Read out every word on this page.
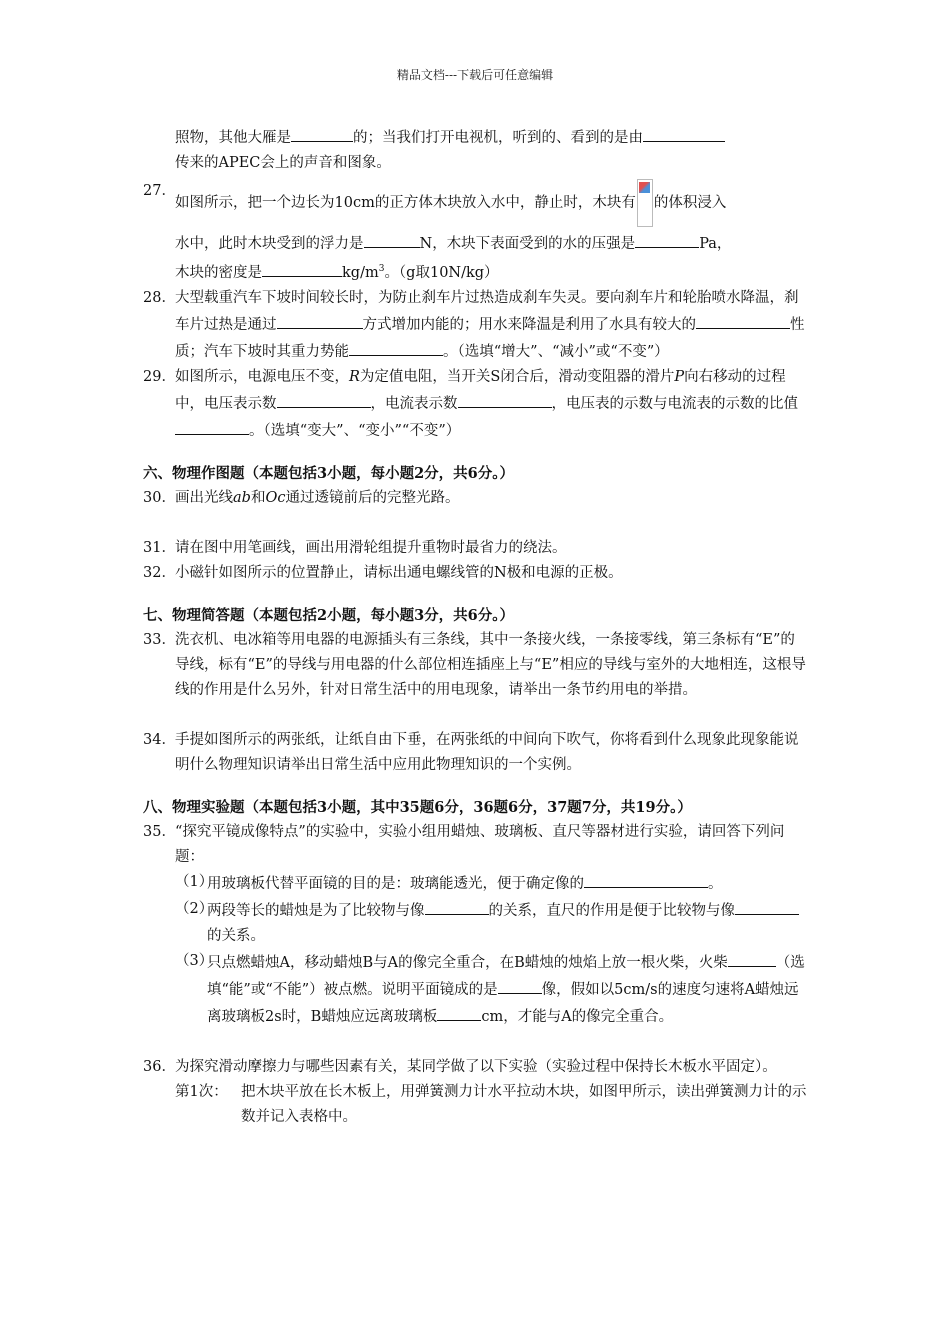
精品文档---下载后可任意编辑
照物，其他大雁是	的；当我们打开电视机，听到的、看到的是由
传来的APEC会上的声音和图象。
27．
如图所示，把一个边长为10cm的正方体木块放入水中，静止时，木块有 的体积浸入
水中，此时木块受到的浮力是	N，木块下表面受到的水的压强是	Pa，
木块的密度是	$kg/m^3$。（g取10N/kg）
28． 大型载重汽车下坡时间较长时，为防止刹车片过热造成刹车失灵。要向刹车片和轮胎喷水降温，刹车片过热是通过	方式增加内能的；用水来降温是利用了水具有较大的	性质；汽车下坡时其重力势能	。（选填“增大”、“减小”或“不变”）
29． 如图所示，电源电压不变，R为定值电阻，当开关S闭合后，滑动变阻器的滑片P向右移动的过程中，电压表示数	，电流表示数	，电压表的示数与电流表的示数的比值。（选填“变大”、“变小”“不变”）
六、物理作图题（本题包括3小题，每小题2分，共6分。）
30． 画出光线ab和Oc通过透镜前后的完整光路。
31． 请在图中用笔画线，画出用滑轮组提升重物时最省力的绕法。
32． 小磁针如图所示的位置静止，请标出通电螺线管的N极和电源的正极。
七、物理简答题（本题包括2小题，每小题3分，共6分。）
33． 洗衣机、电冰箱等用电器的电源插头有三条线，其中一条接火线，一条接零线，第三条标有“E”的导线，标有“E”的导线与用电器的什么部位相连插座上与“E”相应的导线与室外的大地相连，这根导线的作用是什么另外，针对日常生活中的用电现象，请举出一条节约用电的举措。
34． 手提如图所示的两张纸，让纸自由下垂，在两张纸的中间向下吹气，你将看到什么现象此现象能说明什么物理知识请举出日常生活中应用此物理知识的一个实例。
八、物理实验题（本题包括3小题，其中35题6分，36题6分，37题7分，共19分。）
35． “探究平镜成像特点”的实验中，实验小组用蜡烛、玻璃板、直尺等器材进行实验，请回答下列问题：
（1）
用玻璃板代替平面镜的目的是：玻璃能透光，便于确定像的	。
（2）
两段等长的蜡烛是为了比较物与像	的关系，直尺的作用是便于比较物与像的关系。
（3）
只点燃蜡烛A，移动蜡烛B与A的像完全重合，在B蜡烛的烛焰上放一根火柴，火柴	（选填“能”或“不能”）被点燃。说明平面镜成的是	像，假如以5cm/s的速度匀速将A蜡烛远离玻璃板2s时，B蜡烛应远离玻璃板	cm，才能与A的像完全重合。
36． 为探究滑动摩擦力与哪些因素有关，某同学做了以下实验（实验过程中保持长木板水平固定）。
第1次： 把木块平放在长木板上，用弹簧测力计水平拉动木块，如图甲所示，读出弹簧测力计的示数并记入表格中。
